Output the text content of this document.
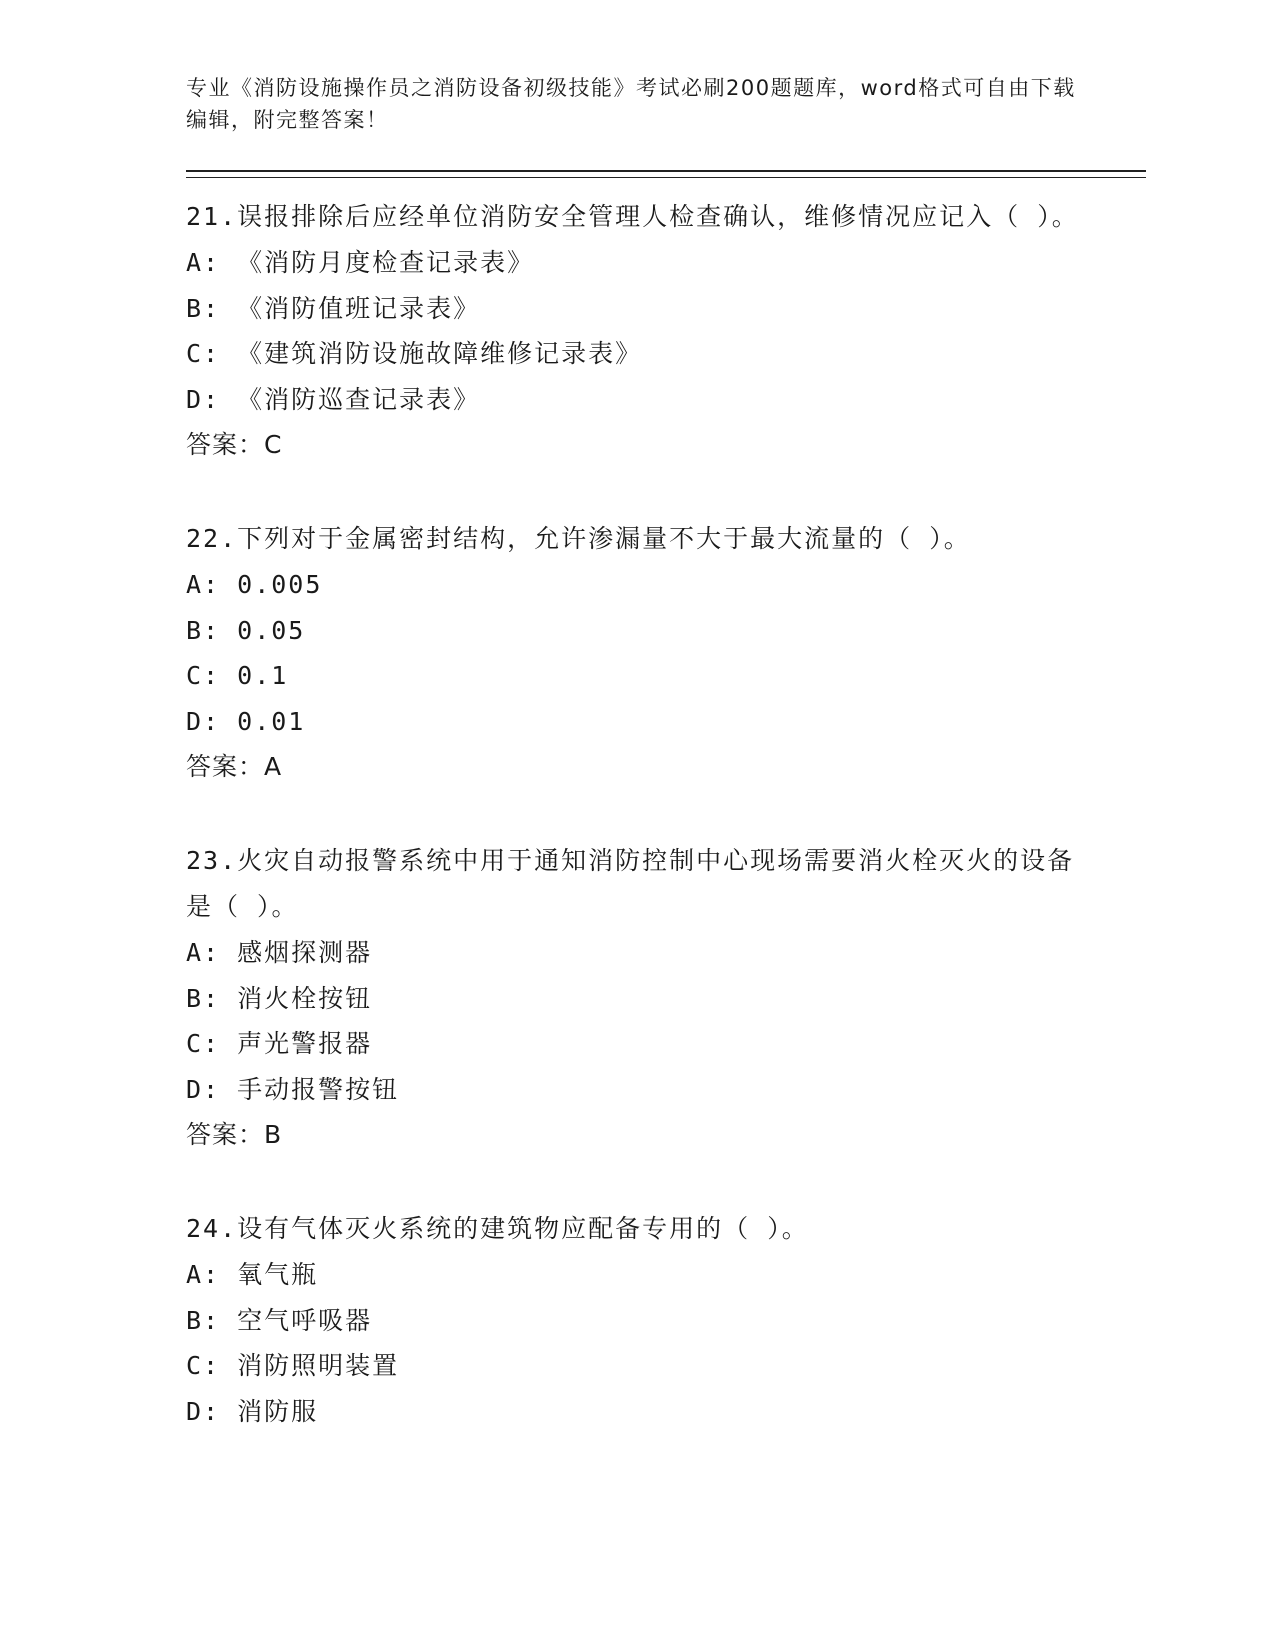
专业《消防设施操作员之消防设备初级技能》考试必刷200题题库，word格式可自由下载编辑，附完整答案！

21.误报排除后应经单位消防安全管理人检查确认，维修情况应记入（ ）。

A: 《消防月度检查记录表》

B: 《消防值班记录表》

C: 《建筑消防设施故障维修记录表》

D: 《消防巡查记录表》

答案：C

22.下列对于金属密封结构，允许渗漏量不大于最大流量的（ ）。

A: 0.005

B: 0.05

C: 0.1

D: 0.01

答案：A

23.火灾自动报警系统中用于通知消防控制中心现场需要消火栓灭火的设备是（ ）。

A: 感烟探测器

B: 消火栓按钮

C: 声光警报器

D: 手动报警按钮

答案：B

24.设有气体灭火系统的建筑物应配备专用的（ ）。

A: 氧气瓶

B: 空气呼吸器

C: 消防照明装置

D: 消防服
